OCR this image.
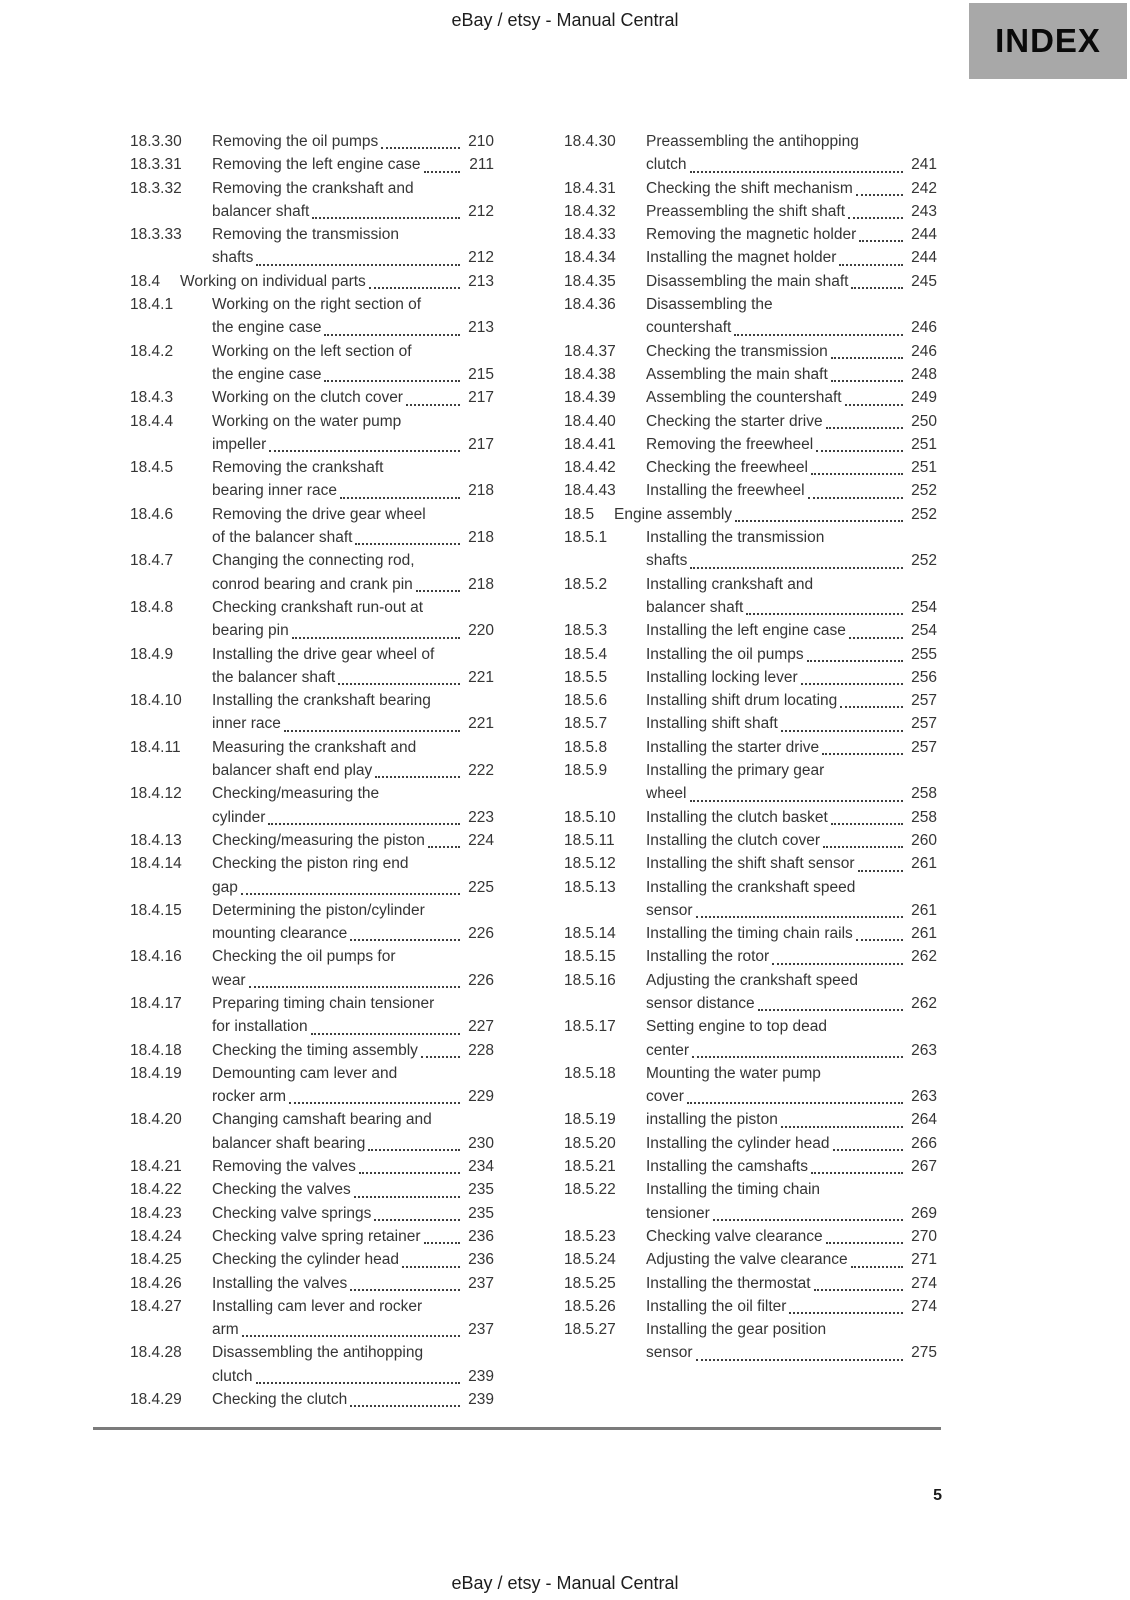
eBay / etsy - Manual Central
INDEX
18.3.30	Removing the oil pumps	210
18.3.31	Removing the left engine case	211
18.3.32	Removing the crankshaft and
balancer shaft	212
18.3.33	Removing the transmission
shafts	212
18.4	Working on individual parts	213
18.4.1	Working on the right section of
the engine case	213
18.4.2	Working on the left section of
the engine case	215
18.4.3	Working on the clutch cover	217
18.4.4	Working on the water pump
impeller	217
18.4.5	Removing the crankshaft
bearing inner race	218
18.4.6	Removing the drive gear wheel
of the balancer shaft	218
18.4.7	Changing the connecting rod,
conrod bearing and crank pin	218
18.4.8	Checking crankshaft run-out at
bearing pin	220
18.4.9	Installing the drive gear wheel of
the balancer shaft	221
18.4.10	Installing the crankshaft bearing
inner race	221
18.4.11	Measuring the crankshaft and
balancer shaft end play	222
18.4.12	Checking/measuring the
cylinder	223
18.4.13	Checking/measuring the piston	224
18.4.14	Checking the piston ring end
gap	225
18.4.15	Determining the piston/cylinder
mounting clearance	226
18.4.16	Checking the oil pumps for
wear	226
18.4.17	Preparing timing chain tensioner
for installation	227
18.4.18	Checking the timing assembly	228
18.4.19	Demounting cam lever and
rocker arm	229
18.4.20	Changing camshaft bearing and
balancer shaft bearing	230
18.4.21	Removing the valves	234
18.4.22	Checking the valves	235
18.4.23	Checking valve springs	235
18.4.24	Checking valve spring retainer	236
18.4.25	Checking the cylinder head	236
18.4.26	Installing the valves	237
18.4.27	Installing cam lever and rocker
arm	237
18.4.28	Disassembling the antihopping
clutch	239
18.4.29	Checking the clutch	239
18.4.30	Preassembling the antihopping
clutch	241
18.4.31	Checking the shift mechanism	242
18.4.32	Preassembling the shift shaft	243
18.4.33	Removing the magnetic holder	244
18.4.34	Installing the magnet holder	244
18.4.35	Disassembling the main shaft	245
18.4.36	Disassembling the
countershaft	246
18.4.37	Checking the transmission	246
18.4.38	Assembling the main shaft	248
18.4.39	Assembling the countershaft	249
18.4.40	Checking the starter drive	250
18.4.41	Removing the freewheel	251
18.4.42	Checking the freewheel	251
18.4.43	Installing the freewheel	252
18.5	Engine assembly	252
18.5.1	Installing the transmission
shafts	252
18.5.2	Installing crankshaft and
balancer shaft	254
18.5.3	Installing the left engine case	254
18.5.4	Installing the oil pumps	255
18.5.5	Installing locking lever	256
18.5.6	Installing shift drum locating	257
18.5.7	Installing shift shaft	257
18.5.8	Installing the starter drive	257
18.5.9	Installing the primary gear
wheel	258
18.5.10	Installing the clutch basket	258
18.5.11	Installing the clutch cover	260
18.5.12	Installing the shift shaft sensor	261
18.5.13	Installing the crankshaft speed
sensor	261
18.5.14	Installing the timing chain rails	261
18.5.15	Installing the rotor	262
18.5.16	Adjusting the crankshaft speed
sensor distance	262
18.5.17	Setting engine to top dead
center	263
18.5.18	Mounting the water pump
cover	263
18.5.19	installing the piston	264
18.5.20	Installing the cylinder head	266
18.5.21	Installing the camshafts	267
18.5.22	Installing the timing chain
tensioner	269
18.5.23	Checking valve clearance	270
18.5.24	Adjusting the valve clearance	271
18.5.25	Installing the thermostat	274
18.5.26	Installing the oil filter	274
18.5.27	Installing the gear position
sensor	275
5
eBay / etsy - Manual Central
